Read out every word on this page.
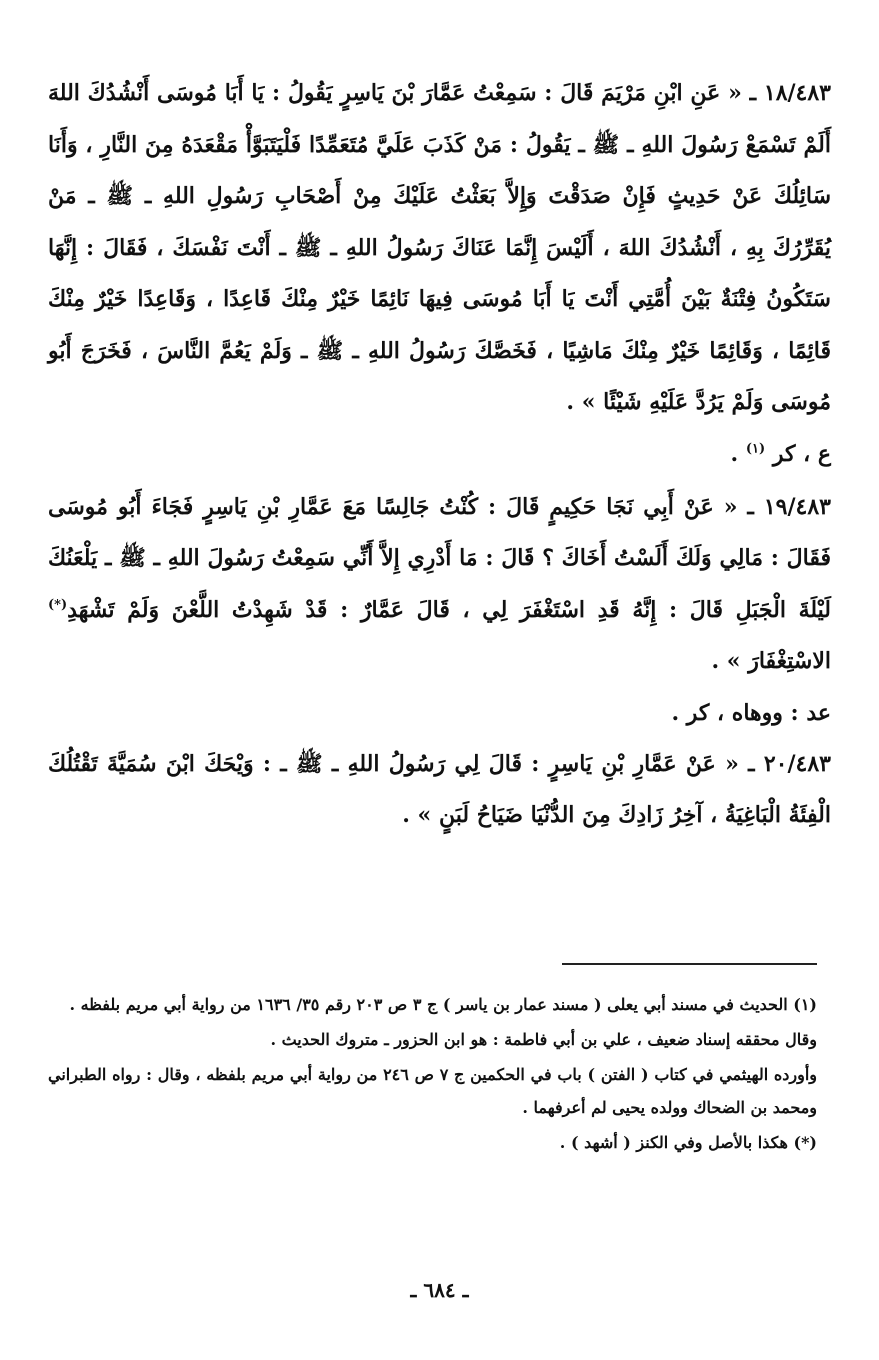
١٨/٤٨٣ ـ « عَنِ ابْنِ مَرْيَمَ قَالَ : سَمِعْتُ عَمَّارَ بْنَ يَاسِرٍ يَقُولُ : يَا أَبَا مُوسَى أَنْشُدُكَ اللهَ أَلَمْ تَسْمَعْ رَسُولَ اللهِ ـ ﷺ ـ يَقُولُ : مَنْ كَذَبَ عَلَيَّ مُتَعَمِّدًا فَلْيَتَبَوَّأْ مَقْعَدَهُ مِنَ النَّارِ ، وَأَنَا سَائِلُكَ عَنْ حَدِيثٍ فَإِنْ صَدَقْتَ وَإِلاَّ بَعَثْتُ عَلَيْكَ مِنْ أَصْحَابِ رَسُولِ اللهِ ـ ﷺ ـ مَنْ يُقَرِّرُكَ بِهِ ، أَنْشُدُكَ اللهَ ، أَلَيْسَ إِنَّمَا عَنَاكَ رَسُولُ اللهِ ـ ﷺ ـ أَنْتَ نَفْسَكَ ، فَقَالَ : إِنَّهَا سَتَكُونُ فِتْنَةٌ بَيْنَ أُمَّتِي أَنْتَ يَا أَبَا مُوسَى فِيهَا نَائِمًا خَيْرٌ مِنْكَ قَاعِدًا ، وَقَاعِدًا خَيْرٌ مِنْكَ قَائِمًا ، وَقَائِمًا خَيْرٌ مِنْكَ مَاشِيًا ، فَخَصَّكَ رَسُولُ اللهِ ـ ﷺ ـ وَلَمْ يَعُمَّ النَّاسَ ، فَخَرَجَ أَبُو مُوسَى وَلَمْ يَرُدَّ عَلَيْهِ شَيْئًا » .

ع ، كر $^{(١)}$ .

١٩/٤٨٣ ـ « عَنْ أَبِي نَجَا حَكِيمٍ قَالَ : كُنْتُ جَالِسًا مَعَ عَمَّارِ بْنِ يَاسِرٍ فَجَاءَ أَبُو مُوسَى فَقَالَ : مَالِي وَلَكَ أَلَسْتُ أَخَاكَ ؟ قَالَ : مَا أَدْرِي إِلاَّ أَنِّي سَمِعْتُ رَسُولَ اللهِ ـ ﷺ ـ يَلْعَنُكَ لَيْلَةَ الْجَبَلِ قَالَ : إِنَّهُ قَدِ اسْتَغْفَرَ لِي ، قَالَ عَمَّارٌ : قَدْ شَهِدْتُ اللَّعْنَ وَلَمْ تَشْهَدِ(*) الاسْتِغْفَارَ » .

عد : ووهاه ، كر .

٢٠/٤٨٣ ـ « عَنْ عَمَّارِ بْنِ يَاسِرٍ : قَالَ لِي رَسُولُ اللهِ ـ ﷺ ـ : وَيْحَكَ ابْنَ سُمَيَّةَ تَقْتُلُكَ الْفِئَةُ الْبَاغِيَةُ ، آخِرُ زَادِكَ مِنَ الدُّنْيَا ضَيَاحُ لَبَنٍ » .

(١) الحديث في مسند أبي يعلى ( مسند عمار بن ياسر ) ج ٣ ص ٢٠٣ رقم ٣٥/ ١٦٣٦ من رواية أبي مريم بلفظه .

وقال محققه إسناد ضعيف ، علي بن أبي فاطمة : هو ابن الحزور ـ متروك الحديث .

وأورده الهيثمي في كتاب ( الفتن ) باب في الحكمين ج ٧ ص ٢٤٦ من رواية أبي مريم بلفظه ، وقال : رواه الطبراني ومحمد بن الضحاك وولده يحيى لم أعرفهما .

(*) هكذا بالأصل وفي الكنز ( أشهد ) .

ـ ٦٨٤ ـ
